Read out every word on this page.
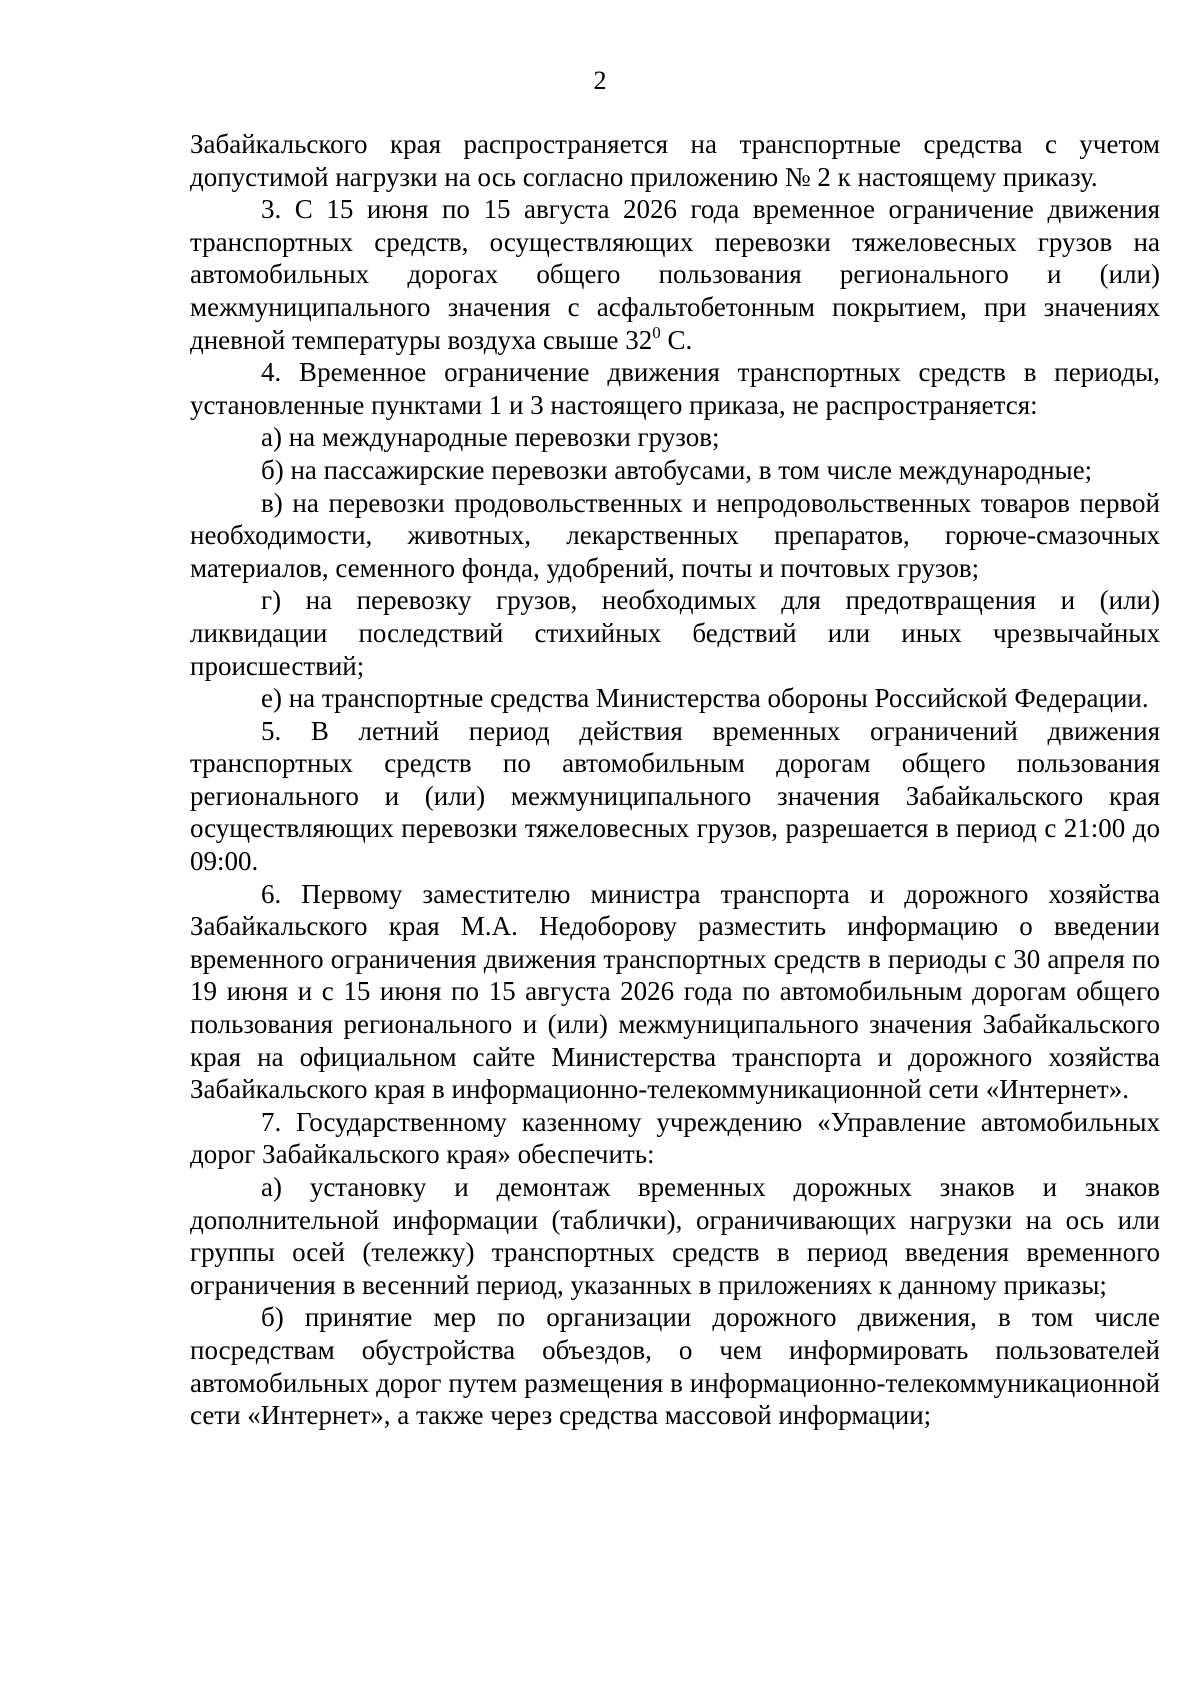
2

Забайкальского края распространяется на транспортные средства с учетом допустимой нагрузки на ось согласно приложению № 2 к настоящему приказу.

3. С 15 июня по 15 августа 2026 года временное ограничение движения транспортных средств, осуществляющих перевозки тяжеловесных грузов на автомобильных дорогах общего пользования регионального и (или) межмуниципального значения с асфальтобетонным покрытием, при значениях дневной температуры воздуха свыше $32^0$ С.

4. Временное ограничение движения транспортных средств в периоды, установленные пунктами 1 и 3 настоящего приказа, не распространяется:

а) на международные перевозки грузов;

б) на пассажирские перевозки автобусами, в том числе международные;

в) на перевозки продовольственных и непродовольственных товаров первой необходимости, животных, лекарственных препаратов, горюче-смазочных материалов, семенного фонда, удобрений, почты и почтовых грузов;

г) на перевозку грузов, необходимых для предотвращения и (или) ликвидации последствий стихийных бедствий или иных чрезвычайных происшествий;

е) на транспортные средства Министерства обороны Российской Федерации.

5. В летний период действия временных ограничений движения транспортных средств по автомобильным дорогам общего пользования регионального и (или) межмуниципального значения Забайкальского края осуществляющих перевозки тяжеловесных грузов, разрешается в период с 21:00 до 09:00.

6. Первому заместителю министра транспорта и дорожного хозяйства Забайкальского края М.А. Недоборову разместить информацию о введении временного ограничения движения транспортных средств в периоды с 30 апреля по 19 июня и с 15 июня по 15 августа 2026 года по автомобильным дорогам общего пользования регионального и (или) межмуниципального значения Забайкальского края на официальном сайте Министерства транспорта и дорожного хозяйства Забайкальского края в информационно-телекоммуникационной сети «Интернет».

7. Государственному казенному учреждению «Управление автомобильных дорог Забайкальского края» обеспечить:

а) установку и демонтаж временных дорожных знаков и знаков дополнительной информации (таблички), ограничивающих нагрузки на ось или группы осей (тележку) транспортных средств в период введения временного ограничения в весенний период, указанных в приложениях к данному приказы;

б) принятие мер по организации дорожного движения, в том числе посредствам обустройства объездов, о чем информировать пользователей автомобильных дорог путем размещения в информационно-телекоммуникационной сети «Интернет», а также через средства массовой информации;
